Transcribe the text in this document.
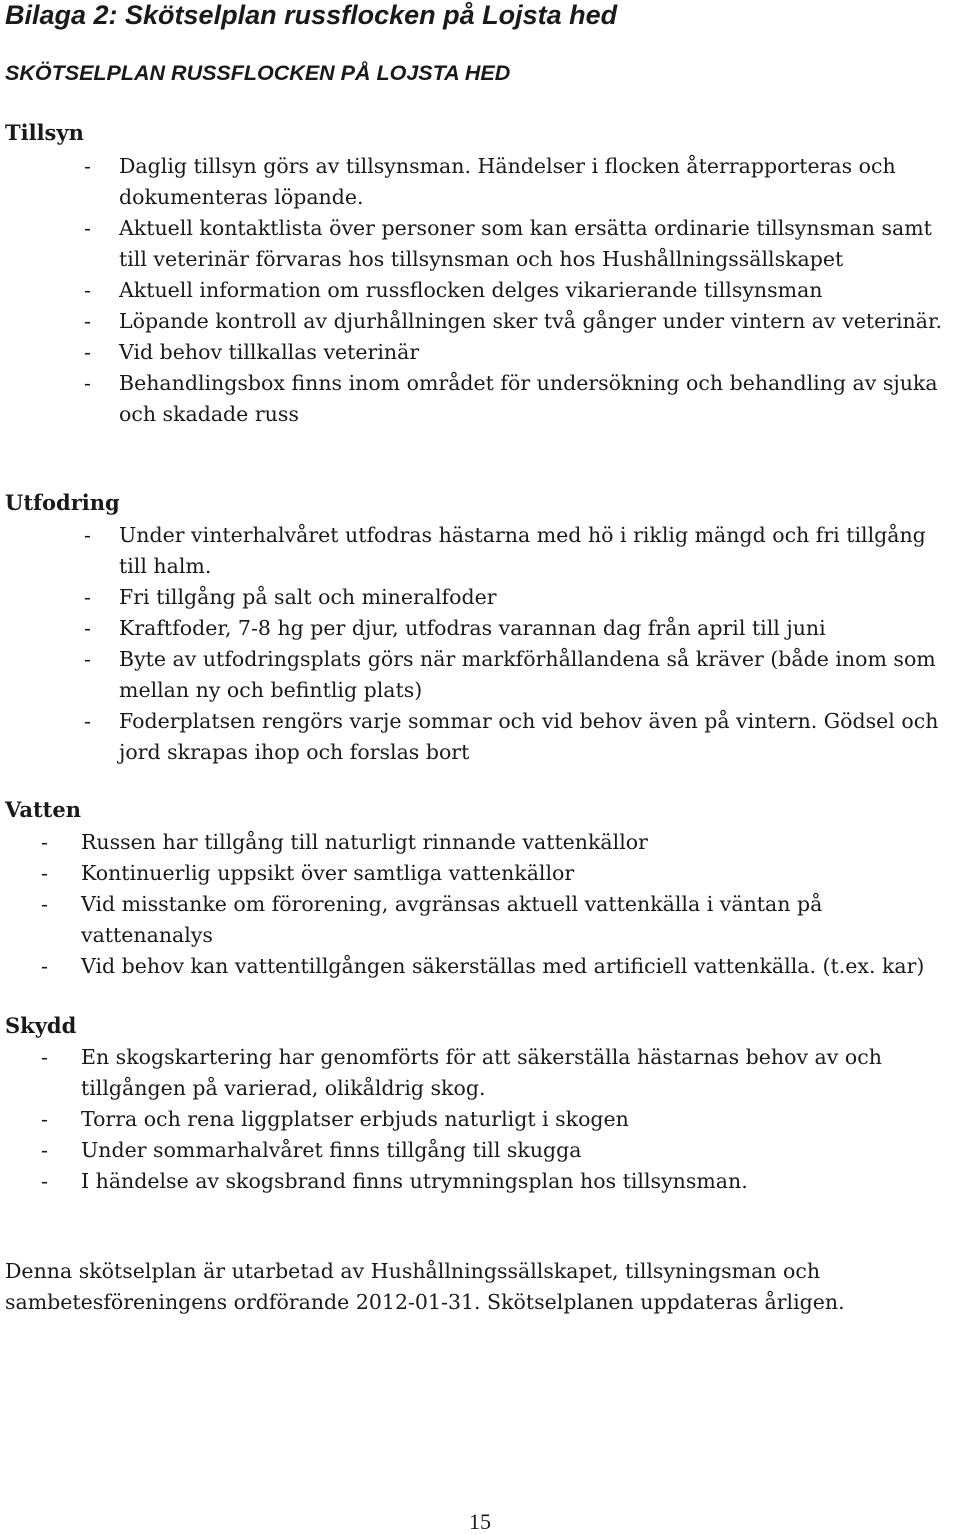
Bilaga 2: Skötselplan russflocken på Lojsta hed
SKÖTSELPLAN RUSSFLOCKEN PÅ LOJSTA HED
Tillsyn
- Daglig tillsyn görs av tillsynsman. Händelser i flocken återrapporteras och dokumenteras löpande.
- Aktuell kontaktlista över personer som kan ersätta ordinarie tillsynsman samt till veterinär förvaras hos tillsynsman och hos Hushållningssällskapet
- Aktuell information om russflocken delges vikarierande tillsynsman
- Löpande kontroll av djurhållningen sker två gånger under vintern av veterinär.
- Vid behov tillkallas veterinär
- Behandlingsbox finns inom området för undersökning och behandling av sjuka och skadade russ
Utfodring
- Under vinterhalvåret utfodras hästarna med hö i riklig mängd och fri tillgång till halm.
- Fri tillgång på salt och mineralfoder
- Kraftfoder, 7-8 hg per djur, utfodras varannan dag från april till juni
- Byte av utfodringsplats görs när markförhållandena så kräver (både inom som mellan ny och befintlig plats)
- Foderplatsen rengörs varje sommar och vid behov även på vintern. Gödsel och jord skrapas ihop och forslas bort
Vatten
- Russen har tillgång till naturligt rinnande vattenkällor
- Kontinuerlig uppsikt över samtliga vattenkällor
- Vid misstanke om förorening, avgränsas aktuell vattenkälla i väntan på vattenanalys
- Vid behov kan vattentillgången säkerställas med artificiell vattenkälla. (t.ex. kar)
Skydd
- En skogskartering har genomförts för att säkerställa hästarnas behov av och tillgången på varierad, olikåldrig skog.
- Torra och rena liggplatser erbjuds naturligt i skogen
- Under sommarhalvåret finns tillgång till skugga
- I händelse av skogsbrand finns utrymningsplan hos tillsynsman.
Denna skötselplan är utarbetad av Hushållningssällskapet, tillsyningsman och sambetesföreningens ordförande 2012-01-31. Skötselplanen uppdateras årligen.
15
